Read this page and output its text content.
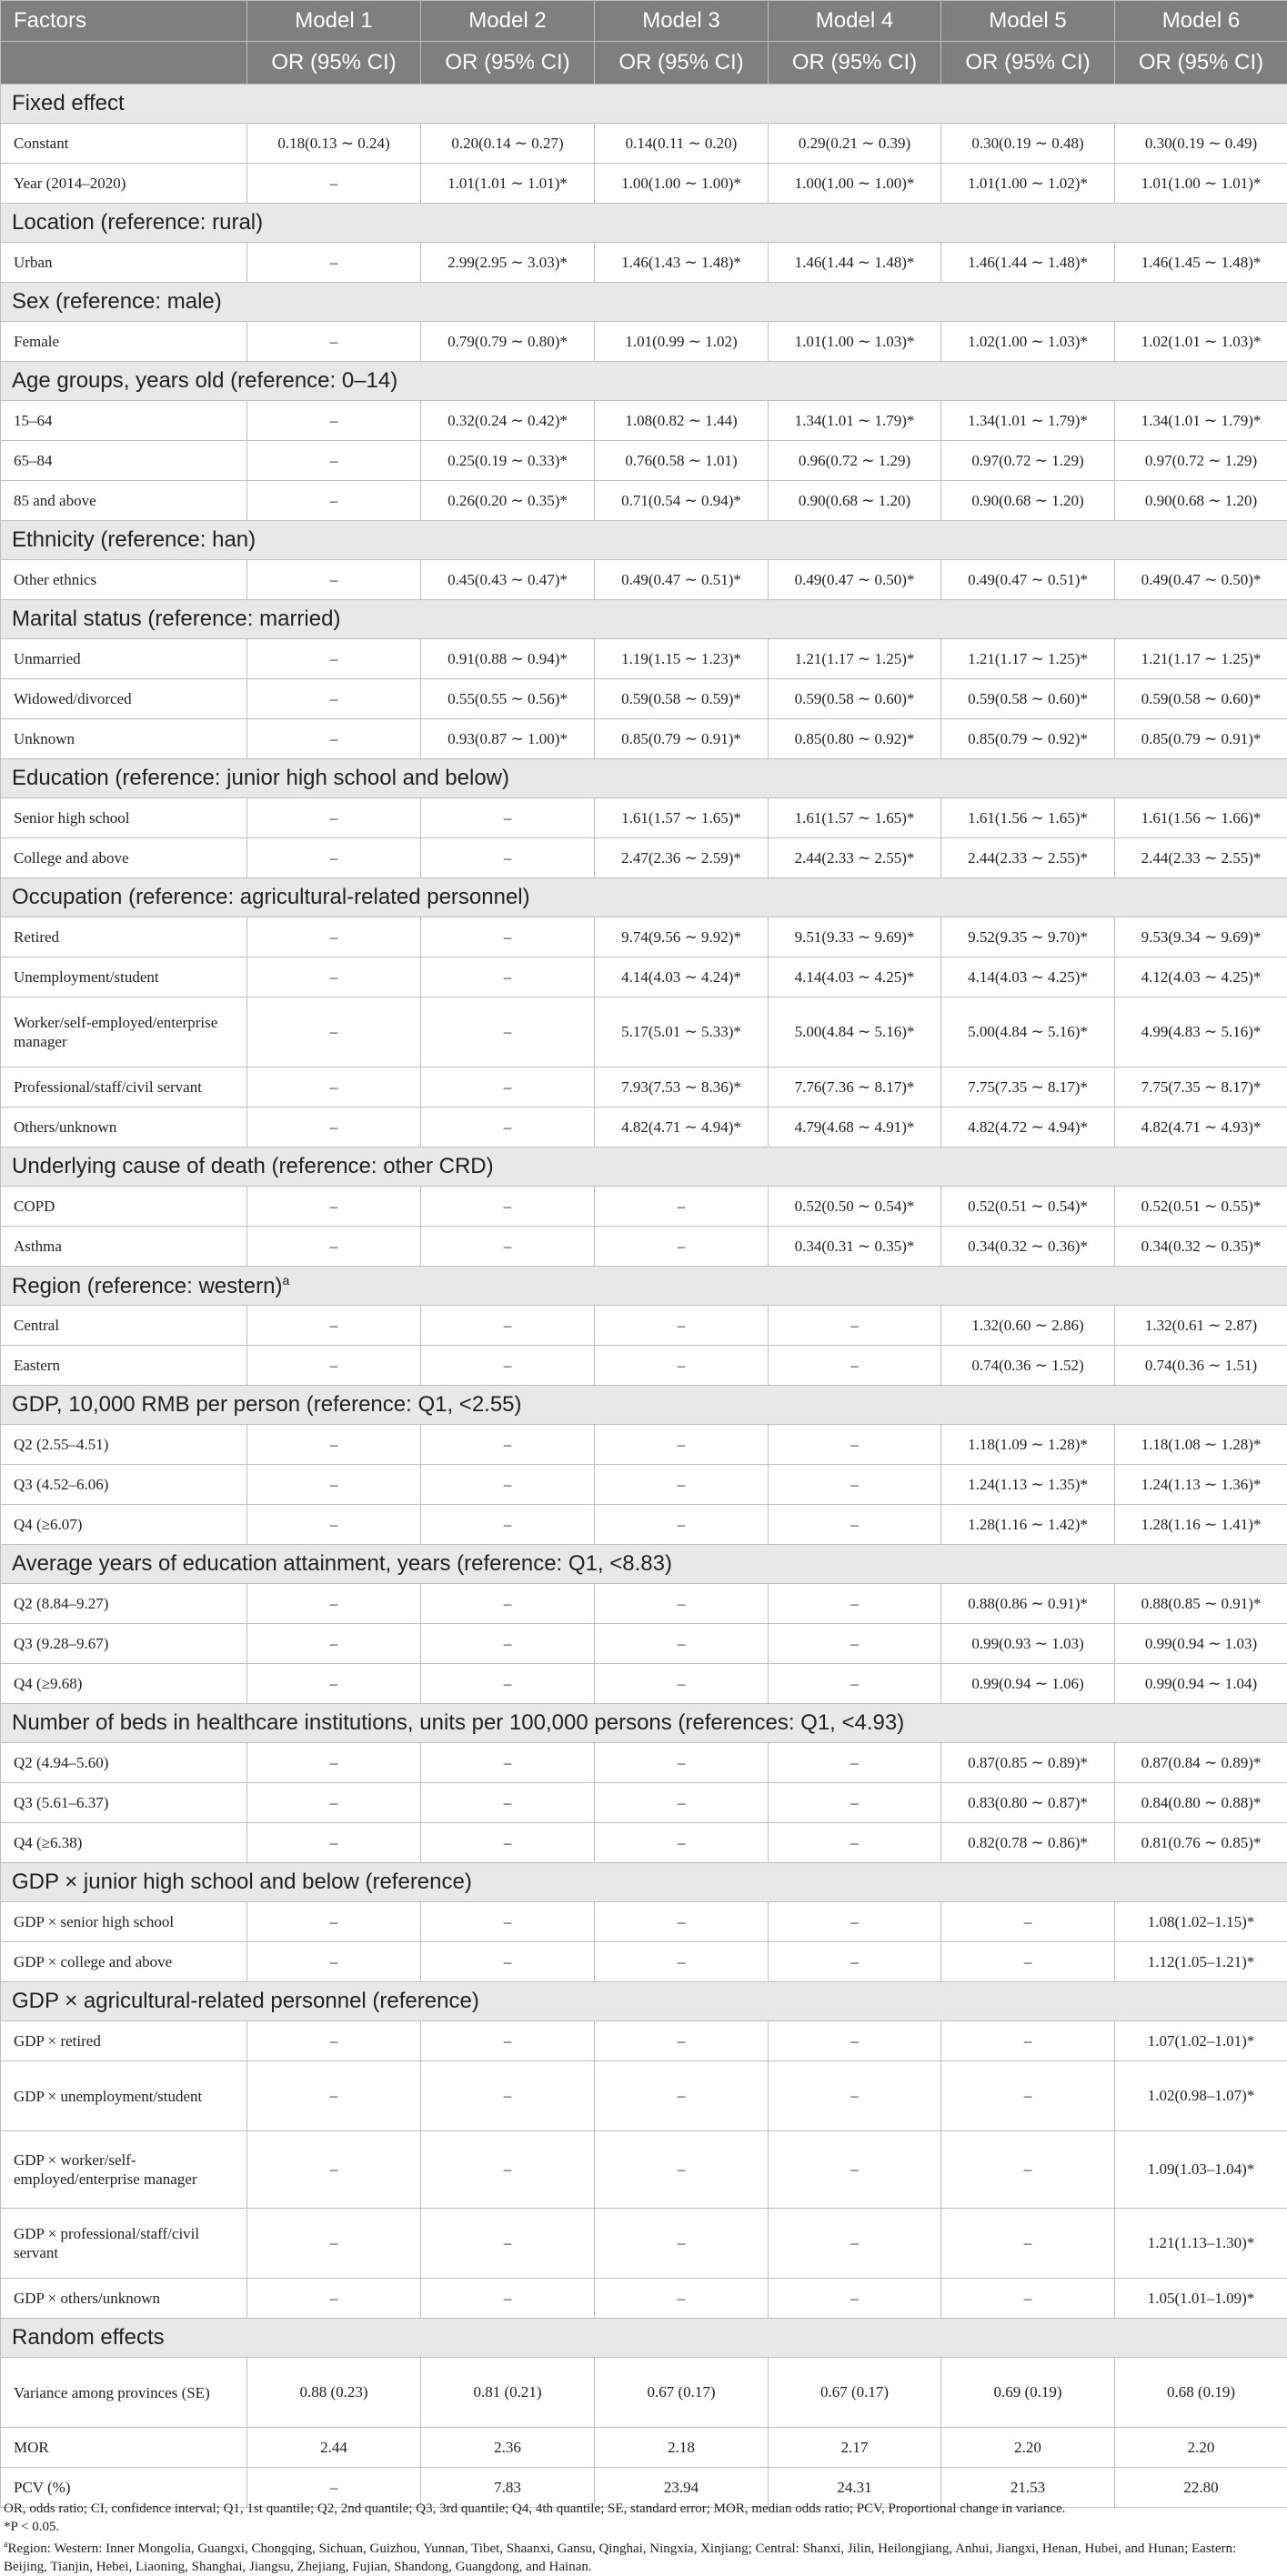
Factors	Model 1	Model 2	Model 3	Model 4	Model 5	Model 6
	OR (95% CI)	OR (95% CI)	OR (95% CI)	OR (95% CI)	OR (95% CI)	OR (95% CI)
Fixed effect						
Constant	0.18(0.13 ∼ 0.24)	0.20(0.14 ∼ 0.27)	0.14(0.11 ∼ 0.20)	0.29(0.21 ∼ 0.39)	0.30(0.19 ∼ 0.48)	0.30(0.19 ∼ 0.49)
Year (2014–2020)	–	1.01(1.01 ∼ 1.01)*	1.00(1.00 ∼ 1.00)*	1.00(1.00 ∼ 1.00)*	1.01(1.00 ∼ 1.02)*	1.01(1.00 ∼ 1.01)*
Location (reference: rural)						
Urban	–	2.99(2.95 ∼ 3.03)*	1.46(1.43 ∼ 1.48)*	1.46(1.44 ∼ 1.48)*	1.46(1.44 ∼ 1.48)*	1.46(1.45 ∼ 1.48)*
Sex (reference: male)						
Female	–	0.79(0.79 ∼ 0.80)*	1.01(0.99 ∼ 1.02)	1.01(1.00 ∼ 1.03)*	1.02(1.00 ∼ 1.03)*	1.02(1.01 ∼ 1.03)*
Age groups, years old (reference: 0–14)						
15–64	–	0.32(0.24 ∼ 0.42)*	1.08(0.82 ∼ 1.44)	1.34(1.01 ∼ 1.79)*	1.34(1.01 ∼ 1.79)*	1.34(1.01 ∼ 1.79)*
65–84	–	0.25(0.19 ∼ 0.33)*	0.76(0.58 ∼ 1.01)	0.96(0.72 ∼ 1.29)	0.97(0.72 ∼ 1.29)	0.97(0.72 ∼ 1.29)
85 and above	–	0.26(0.20 ∼ 0.35)*	0.71(0.54 ∼ 0.94)*	0.90(0.68 ∼ 1.20)	0.90(0.68 ∼ 1.20)	0.90(0.68 ∼ 1.20)
Ethnicity (reference: han)						
Other ethnics	–	0.45(0.43 ∼ 0.47)*	0.49(0.47 ∼ 0.51)*	0.49(0.47 ∼ 0.50)*	0.49(0.47 ∼ 0.51)*	0.49(0.47 ∼ 0.50)*
Marital status (reference: married)						
Unmarried	–	0.91(0.88 ∼ 0.94)*	1.19(1.15 ∼ 1.23)*	1.21(1.17 ∼ 1.25)*	1.21(1.17 ∼ 1.25)*	1.21(1.17 ∼ 1.25)*
Widowed/divorced	–	0.55(0.55 ∼ 0.56)*	0.59(0.58 ∼ 0.59)*	0.59(0.58 ∼ 0.60)*	0.59(0.58 ∼ 0.60)*	0.59(0.58 ∼ 0.60)*
Unknown	–	0.93(0.87 ∼ 1.00)*	0.85(0.79 ∼ 0.91)*	0.85(0.80 ∼ 0.92)*	0.85(0.79 ∼ 0.92)*	0.85(0.79 ∼ 0.91)*
Education (reference: junior high school and below)						
Senior high school	–	–	1.61(1.57 ∼ 1.65)*	1.61(1.57 ∼ 1.65)*	1.61(1.56 ∼ 1.65)*	1.61(1.56 ∼ 1.66)*
College and above	–	–	2.47(2.36 ∼ 2.59)*	2.44(2.33 ∼ 2.55)*	2.44(2.33 ∼ 2.55)*	2.44(2.33 ∼ 2.55)*
Occupation (reference: agricultural-related personnel)						
Retired	–	–	9.74(9.56 ∼ 9.92)*	9.51(9.33 ∼ 9.69)*	9.52(9.35 ∼ 9.70)*	9.53(9.34 ∼ 9.69)*
Unemployment/student	–	–	4.14(4.03 ∼ 4.24)*	4.14(4.03 ∼ 4.25)*	4.14(4.03 ∼ 4.25)*	4.12(4.03 ∼ 4.25)*
Worker/self-employed/enterprise manager	–	–	5.17(5.01 ∼ 5.33)*	5.00(4.84 ∼ 5.16)*	5.00(4.84 ∼ 5.16)*	4.99(4.83 ∼ 5.16)*
Professional/staff/civil servant	–	–	7.93(7.53 ∼ 8.36)*	7.76(7.36 ∼ 8.17)*	7.75(7.35 ∼ 8.17)*	7.75(7.35 ∼ 8.17)*
Others/unknown	–	–	4.82(4.71 ∼ 4.94)*	4.79(4.68 ∼ 4.91)*	4.82(4.72 ∼ 4.94)*	4.82(4.71 ∼ 4.93)*
Underlying cause of death (reference: other CRD)						
COPD	–	–	–	0.52(0.50 ∼ 0.54)*	0.52(0.51 ∼ 0.54)*	0.52(0.51 ∼ 0.55)*
Asthma	–	–	–	0.34(0.31 ∼ 0.35)*	0.34(0.32 ∼ 0.36)*	0.34(0.32 ∼ 0.35)*
Region (reference: western)$^a$
Central	–	–	–	–	1.32(0.60 ∼ 2.86)	1.32(0.61 ∼ 2.87)
Eastern	–	–	–	–	0.74(0.36 ∼ 1.52)	0.74(0.36 ∼ 1.51)
GDP, 10,000 RMB per person (reference: Q1, <2.55)						
Q2 (2.55–4.51)	–	–	–	–	1.18(1.09 ∼ 1.28)*	1.18(1.08 ∼ 1.28)*
Q3 (4.52–6.06)	–	–	–	–	1.24(1.13 ∼ 1.35)*	1.24(1.13 ∼ 1.36)*
Q4 (≥6.07)	–	–	–	–	1.28(1.16 ∼ 1.42)*	1.28(1.16 ∼ 1.41)*
Average years of education attainment, years (reference: Q1, <8.83)						
Q2 (8.84–9.27)	–	–	–	–	0.88(0.86 ∼ 0.91)*	0.88(0.85 ∼ 0.91)*
Q3 (9.28–9.67)	–	–	–	–	0.99(0.93 ∼ 1.03)	0.99(0.94 ∼ 1.03)
Q4 (≥9.68)	–	–	–	–	0.99(0.94 ∼ 1.06)	0.99(0.94 ∼ 1.04)
Number of beds in healthcare institutions, units per 100,000 persons (references: Q1, <4.93)						
Q2 (4.94–5.60)	–	–	–	–	0.87(0.85 ∼ 0.89)*	0.87(0.84 ∼ 0.89)*
Q3 (5.61–6.37)	–	–	–	–	0.83(0.80 ∼ 0.87)*	0.84(0.80 ∼ 0.88)*
Q4 (≥6.38)	–	–	–	–	0.82(0.78 ∼ 0.86)*	0.81(0.76 ∼ 0.85)*
GDP × junior high school and below (reference)						
GDP × senior high school	–	–	–	–	–	1.08(1.02–1.15)*
GDP × college and above	–	–	–	–	–	1.12(1.05–1.21)*
GDP × agricultural-related personnel (reference)						
GDP × retired	–	–	–	–	–	1.07(1.02–1.01)*
GDP × unemployment/student	–	–	–	–	–	1.02(0.98–1.07)*
GDP × worker/self-employed/enterprise manager	–	–	–	–	–	1.09(1.03–1.04)*
GDP × professional/staff/civil servant	–	–	–	–	–	1.21(1.13–1.30)*
GDP × others/unknown	–	–	–	–	–	1.05(1.01–1.09)*
Random effects						
Variance among provinces (SE)	0.88 (0.23)	0.81 (0.21)	0.67 (0.17)	0.67 (0.17)	0.69 (0.19)	0.68 (0.19)
MOR	2.44	2.36	2.18	2.17	2.20	2.20
PCV (%)	–	7.83	23.94	24.31	21.53	22.80
OR, odds ratio; CI, confidence interval; Q1, 1st quantile; Q2, 2nd quantile; Q3, 3rd quantile; Q4, 4th quantile; SE, standard error; MOR, median odds ratio; PCV, Proportional change in variance.
*P < 0.05.
$^a$Region: Western: Inner Mongolia, Guangxi, Chongqing, Sichuan, Guizhou, Yunnan, Tibet, Shaanxi, Gansu, Qinghai, Ningxia, Xinjiang; Central: Shanxi, Jilin, Heilongjiang, Anhui, Jiangxi, Henan, Hubei, and Hunan; Eastern: Beijing, Tianjin, Hebei, Liaoning, Shanghai, Jiangsu, Zhejiang, Fujian, Shandong, Guangdong, and Hainan.
